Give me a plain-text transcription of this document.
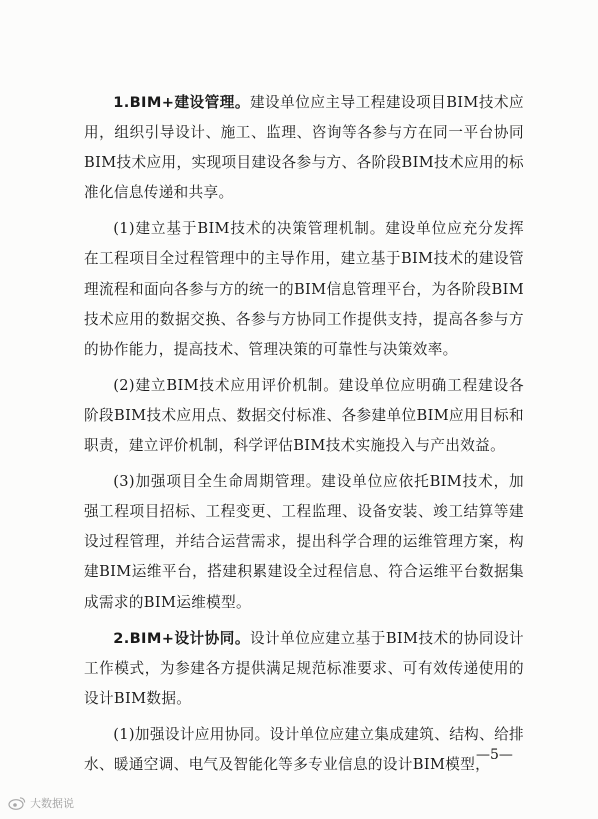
1.BIM+建设管理。建设单位应主导工程建设项目BIM技术应用，组织引导设计、施工、监理、咨询等各参与方在同一平台协同BIM技术应用，实现项目建设各参与方、各阶段BIM技术应用的标准化信息传递和共享。

(1)建立基于BIM技术的决策管理机制。建设单位应充分发挥在工程项目全过程管理中的主导作用，建立基于BIM技术的建设管理流程和面向各参与方的统一的BIM信息管理平台，为各阶段BIM技术应用的数据交换、各参与方协同工作提供支持，提高各参与方的协作能力，提高技术、管理决策的可靠性与决策效率。

(2)建立BIM技术应用评价机制。建设单位应明确工程建设各阶段BIM技术应用点、数据交付标准、各参建单位BIM应用目标和职责，建立评价机制，科学评估BIM技术实施投入与产出效益。

(3)加强项目全生命周期管理。建设单位应依托BIM技术，加强工程项目招标、工程变更、工程监理、设备安装、竣工结算等建设过程管理，并结合运营需求，提出科学合理的运维管理方案，构建BIM运维平台，搭建积累建设全过程信息、符合运维平台数据集成需求的BIM运维模型。

2.BIM+设计协同。设计单位应建立基于BIM技术的协同设计工作模式，为参建各方提供满足规范标准要求、可有效传递使用的设计BIM数据。

(1)加强设计应用协同。设计单位应建立集成建筑、结构、给排水、暖通空调、电气及智能化等多专业信息的设计BIM模型，

—5—
大数据说
